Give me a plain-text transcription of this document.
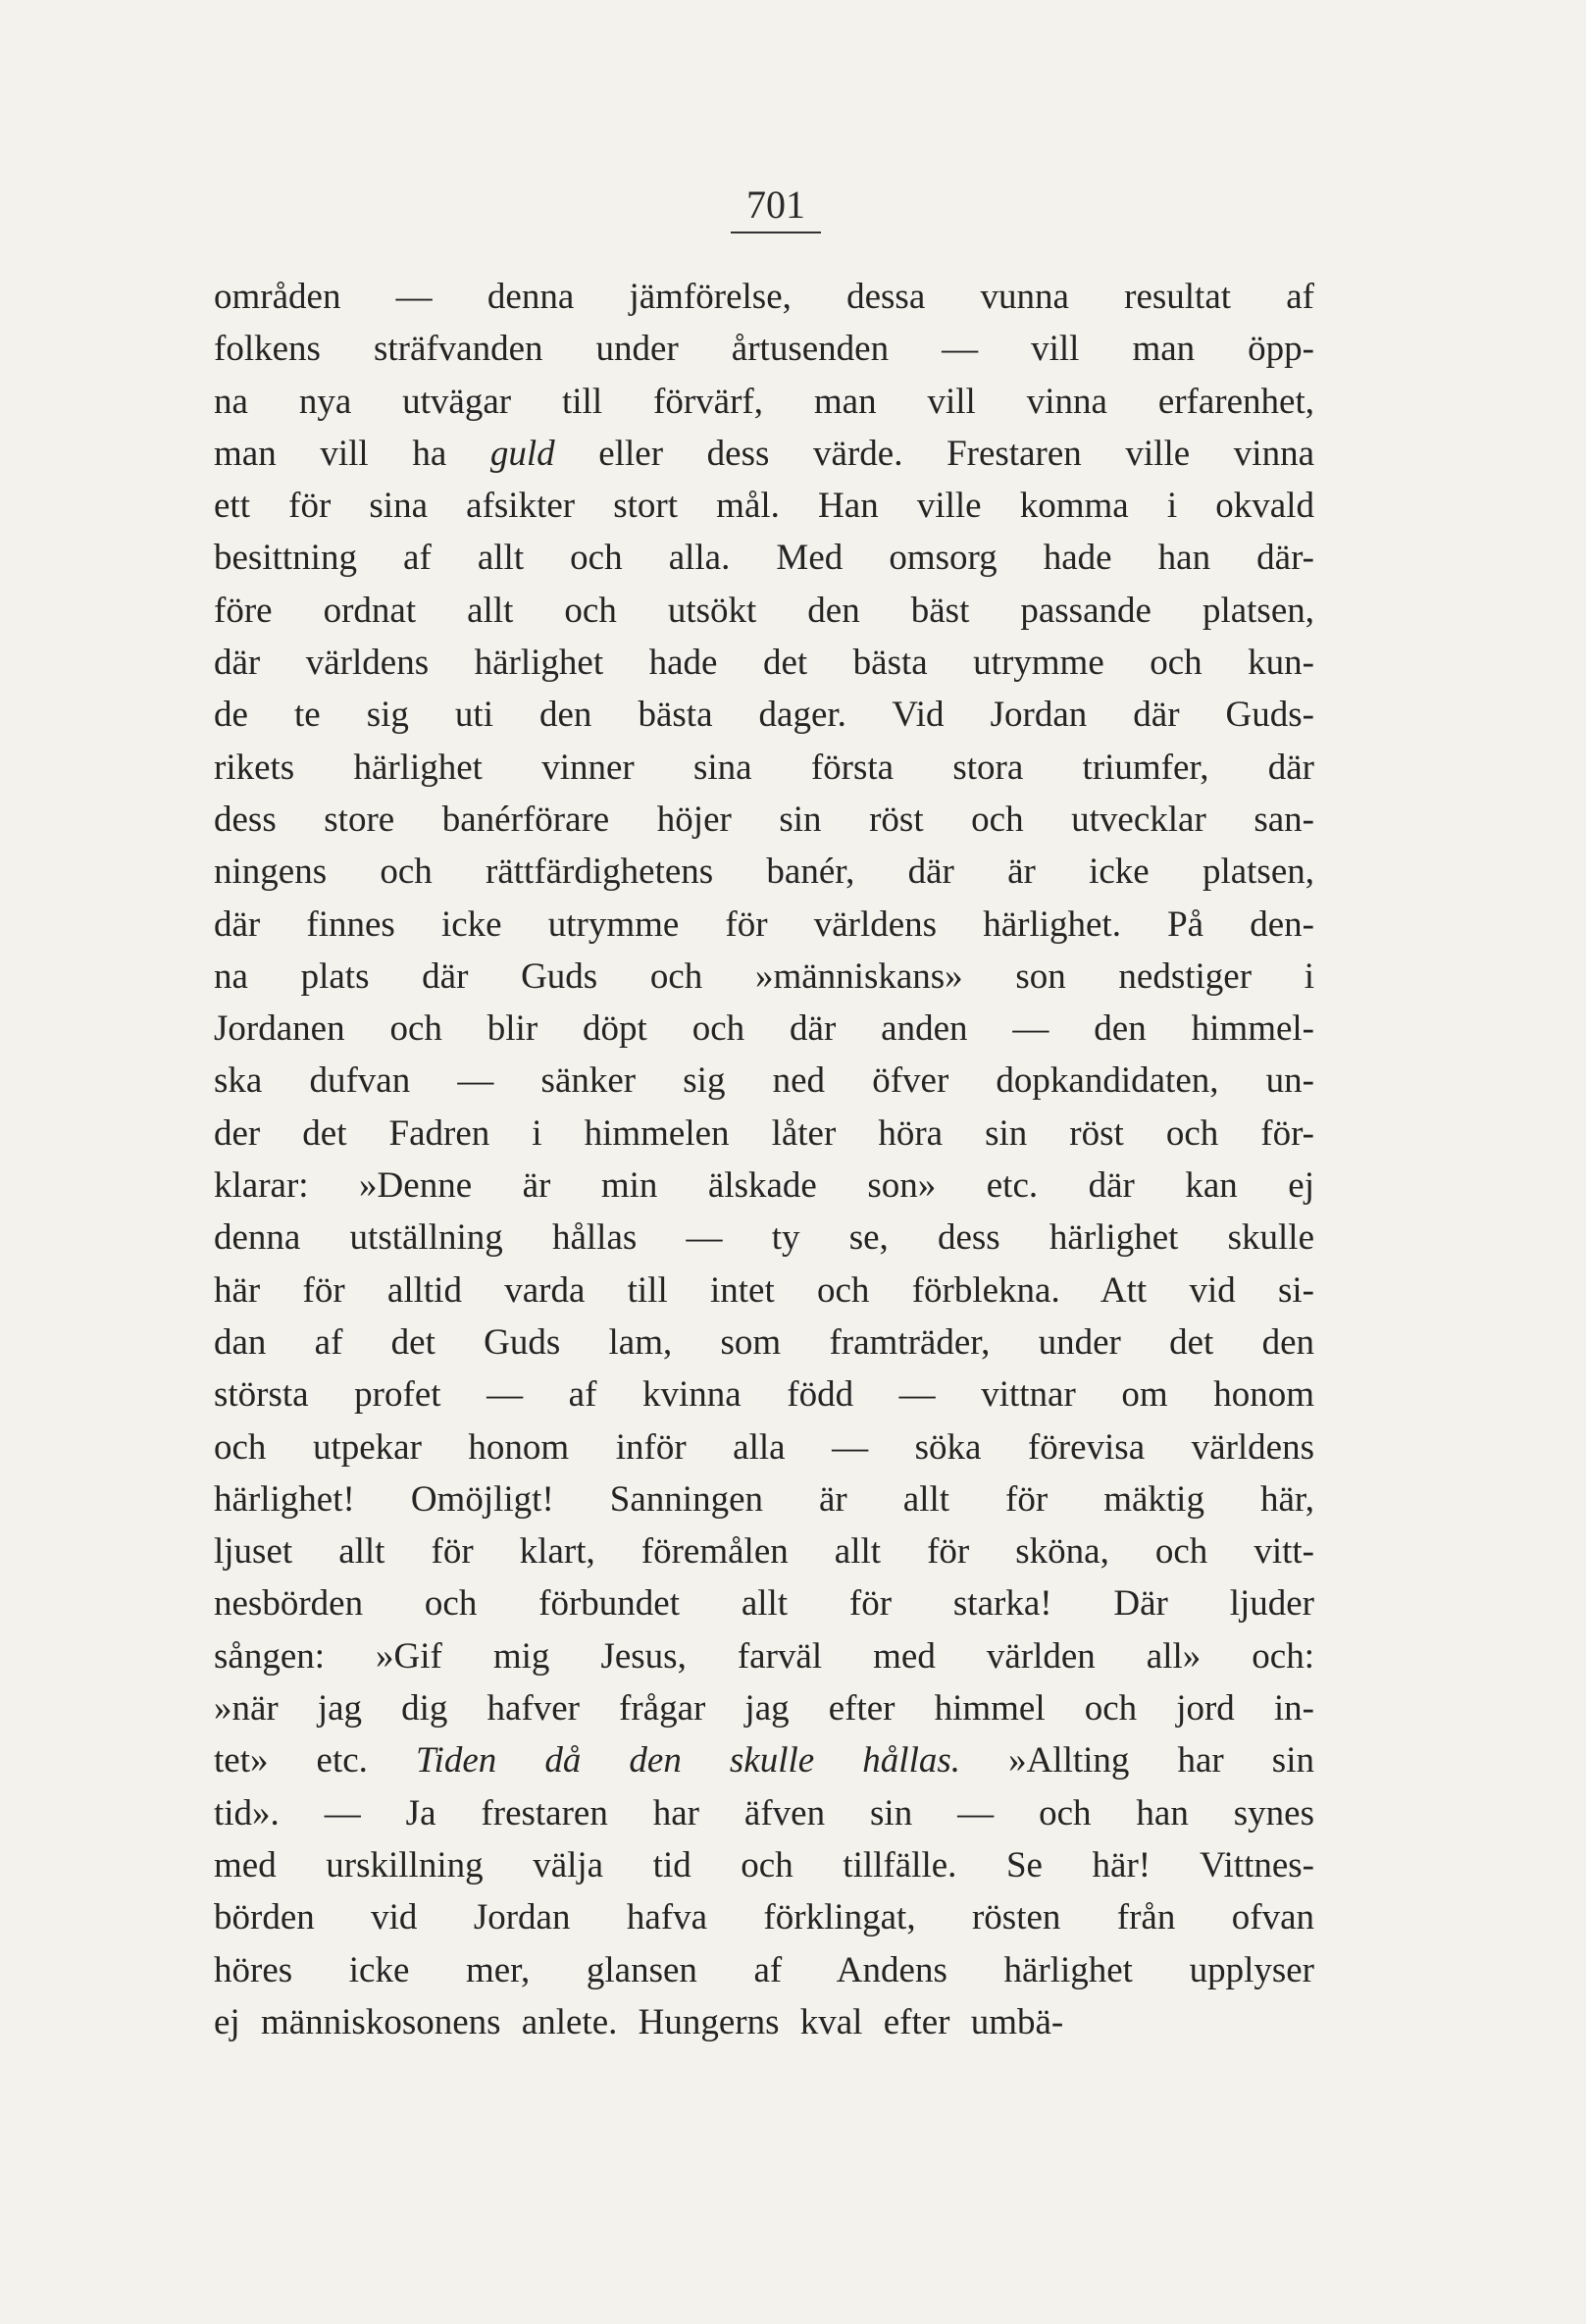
701
områden — denna jämförelse, dessa vunna resultat af
folkens sträfvanden under årtusenden — vill man öpp-
na nya utvägar till förvärf, man vill vinna erfarenhet,
man vill ha guld eller dess värde. Frestaren ville vinna
ett för sina afsikter stort mål. Han ville komma i okvald
besittning af allt och alla. Med omsorg hade han där-
före ordnat allt och utsökt den bäst passande platsen,
där världens härlighet hade det bästa utrymme och kun-
de te sig uti den bästa dager. Vid Jordan där Guds-
rikets härlighet vinner sina första stora triumfer, där
dess store banérförare höjer sin röst och utvecklar san-
ningens och rättfärdighetens banér, där är icke platsen,
där finnes icke utrymme för världens härlighet. På den-
na plats där Guds och »människans» son nedstiger i
Jordanen och blir döpt och där anden — den himmel-
ska dufvan — sänker sig ned öfver dopkandidaten, un-
der det Fadren i himmelen låter höra sin röst och för-
klarar: »Denne är min älskade son» etc. där kan ej
denna utställning hållas — ty se, dess härlighet skulle
här för alltid varda till intet och förblekna. Att vid si-
dan af det Guds lam, som framträder, under det den
största profet — af kvinna född — vittnar om honom
och utpekar honom inför alla — söka förevisa världens
härlighet! Omöjligt! Sanningen är allt för mäktig här,
ljuset allt för klart, föremålen allt för sköna, och vitt-
nesbörden och förbundet allt för starka! Där ljuder
sången: »Gif mig Jesus, farväl med världen all» och:
»när jag dig hafver frågar jag efter himmel och jord in-
tet» etc. Tiden då den skulle hållas. »Allting har sin
tid». — Ja frestaren har äfven sin — och han synes
med urskillning välja tid och tillfälle. Se här! Vittnes-
börden vid Jordan hafva förklingat, rösten från ofvan
höres icke mer, glansen af Andens härlighet upplyser
ej människosonens anlete. Hungerns kval efter umbä-
